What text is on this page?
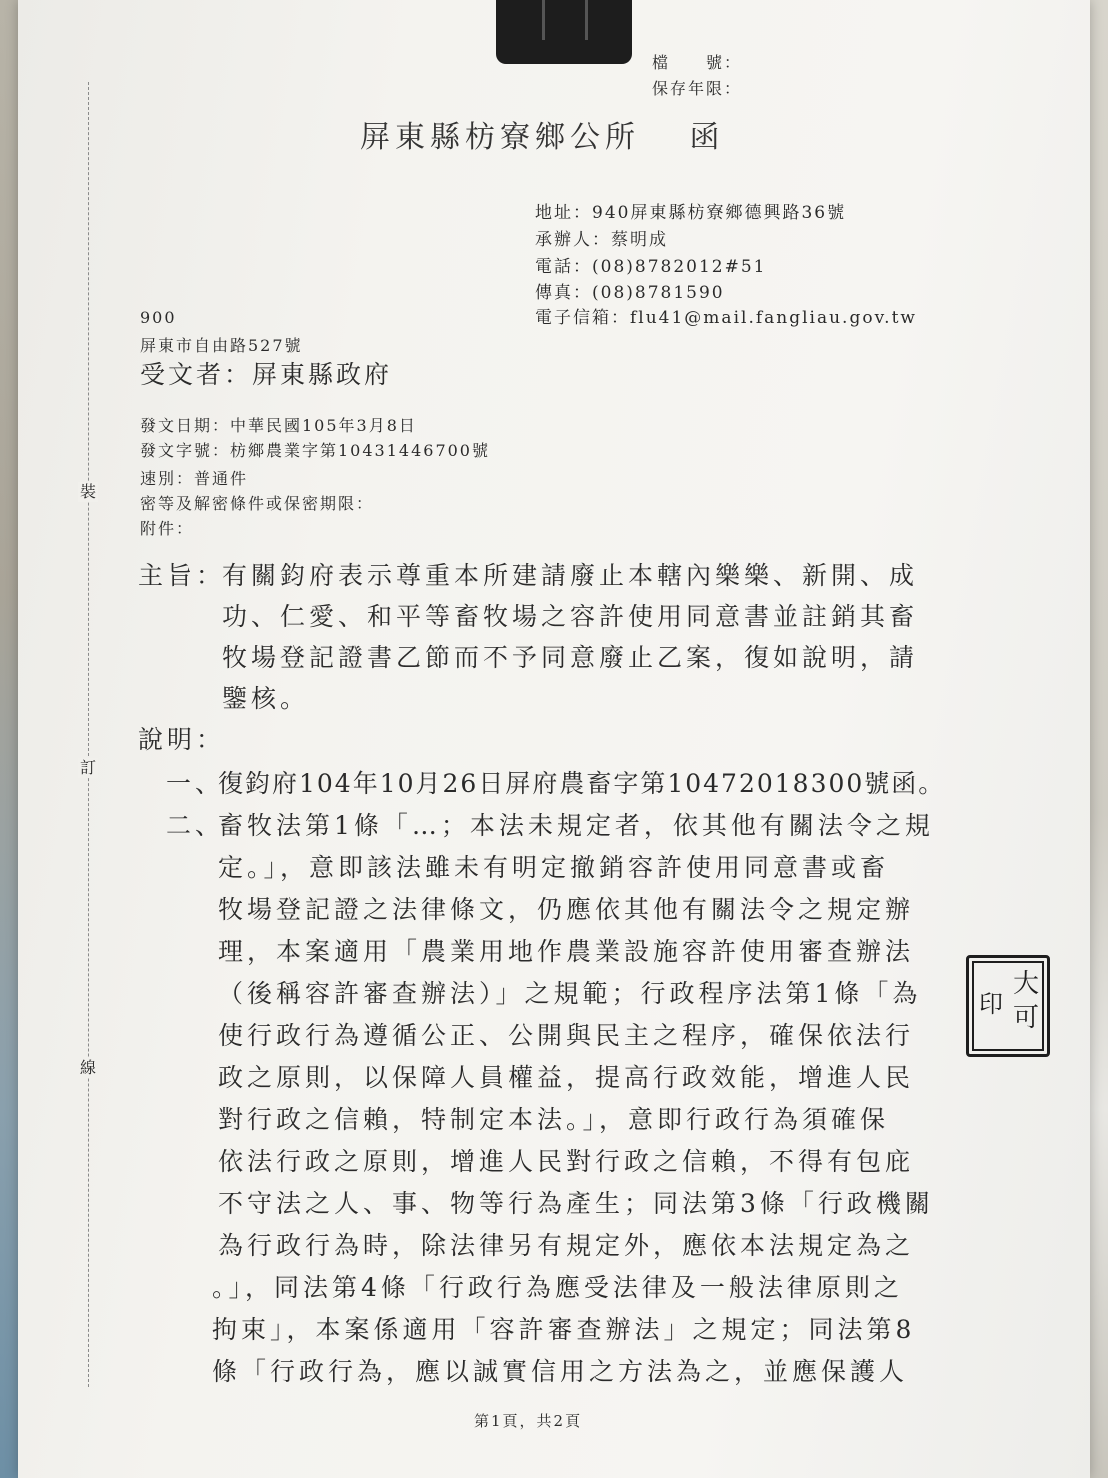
裝
訂
線
檔　　號：
保存年限：
屏東縣枋寮鄉公所　 函
地址：940屏東縣枋寮鄉德興路36號
承辦人：蔡明成
電話：(08)8782012#51
傳真：(08)8781590
電子信箱：flu41@mail.fangliau.gov.tw
900
屏東市自由路527號
受文者：屏東縣政府
發文日期：中華民國105年3月8日
發文字號：枋鄉農業字第10431446700號
速別：普通件
密等及解密條件或保密期限：
附件：
主旨：
有關鈞府表示尊重本所建請廢止本轄內樂樂、新開、成
功、仁愛、和平等畜牧場之容許使用同意書並註銷其畜
牧場登記證書乙節而不予同意廢止乙案，復如說明，請
鑒核。
說明：
一、
復鈞府104年10月26日屏府農畜字第10472018300號函。
二、
畜牧法第1條「…；本法未規定者，依其他有關法令之規
定。」，意即該法雖未有明定撤銷容許使用同意書或畜
牧場登記證之法律條文，仍應依其他有關法令之規定辦
理，本案適用「農業用地作農業設施容許使用審查辦法
（後稱容許審查辦法）」之規範；行政程序法第1條「為
使行政行為遵循公正、公開與民主之程序，確保依法行
政之原則，以保障人員權益，提高行政效能，增進人民
對行政之信賴，特制定本法。」，意即行政行為須確保
依法行政之原則，增進人民對行政之信賴，不得有包庇
不守法之人、事、物等行為產生；同法第3條「行政機關
為行政行為時，除法律另有規定外，應依本法規定為之
。」，同法第4條「行政行為應受法律及一般法律原則之
拘束」，本案係適用「容許審查辦法」之規定；同法第8
條「行政行為，應以誠實信用之方法為之，並應保護人
大
可
印
第1頁，共2頁
